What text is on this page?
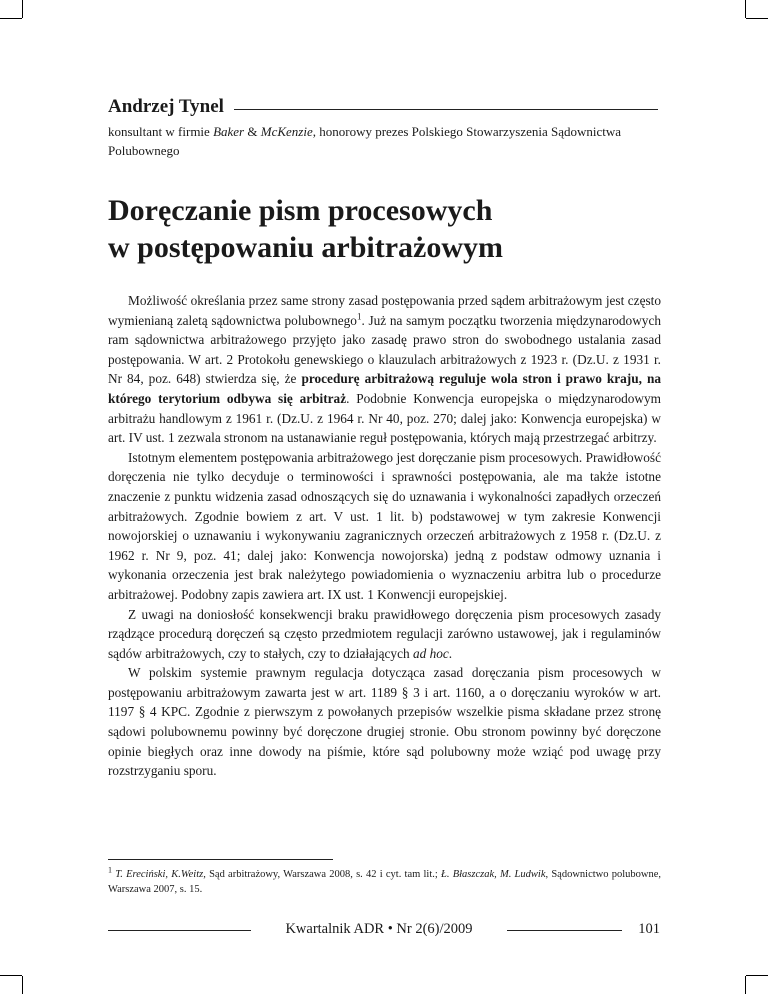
Andrzej Tynel
konsultant w firmie Baker & McKenzie, honorowy prezes Polskiego Stowarzyszenia Sądownictwa Polubownego
Doręczanie pism procesowych
w postępowaniu arbitrażowym

Możliwość określania przez same strony zasad postępowania przed sądem arbitrażowym jest często wymienianą zaletą sądownictwa polubownego$^1$. Już na samym początku tworzenia międzynarodowych ram sądownictwa arbitrażowego przyjęto jako zasadę prawo stron do swobodnego ustalania zasad postępowania. W art. 2 Protokołu genewskiego o klauzulach arbitrażowych z 1923 r. (Dz.U. z 1931 r. Nr 84, poz. 648) stwierdza się, że procedurę arbitrażową reguluje wola stron i prawo kraju, na którego terytorium odbywa się arbitraż. Podobnie Konwencja europejska o międzynarodowym arbitrażu handlowym z 1961 r. (Dz.U. z 1964 r. Nr 40, poz. 270; dalej jako: Konwencja europejska) w art. IV ust. 1 zezwala stronom na ustanawianie reguł postępowania, których mają przestrzegać arbitrzy.

Istotnym elementem postępowania arbitrażowego jest doręczanie pism procesowych. Prawidłowość doręczenia nie tylko decyduje o terminowości i sprawności postępowania, ale ma także istotne znaczenie z punktu widzenia zasad odnoszących się do uznawania i wykonalności zapadłych orzeczeń arbitrażowych. Zgodnie bowiem z art. V ust. 1 lit. b) podstawowej w tym zakresie Konwencji nowojorskiej o uznawaniu i wykonywaniu zagranicznych orzeczeń arbitrażowych z 1958 r. (Dz.U. z 1962 r. Nr 9, poz. 41; dalej jako: Konwencja nowojorska) jedną z podstaw odmowy uznania i wykonania orzeczenia jest brak należytego powiadomienia o wyznaczeniu arbitra lub o procedurze arbitrażowej. Podobny zapis zawiera art. IX ust. 1 Konwencji europejskiej.

Z uwagi na doniosłość konsekwencji braku prawidłowego doręczenia pism procesowych zasady rządzące procedurą doręczeń są często przedmiotem regulacji zarówno ustawowej, jak i regulaminów sądów arbitrażowych, czy to stałych, czy to działających ad hoc.

W polskim systemie prawnym regulacja dotycząca zasad doręczania pism procesowych w postępowaniu arbitrażowym zawarta jest w art. 1189 § 3 i art. 1160, a o doręczaniu wyroków w art. 1197 § 4 KPC. Zgodnie z pierwszym z powołanych przepisów wszelkie pisma składane przez stronę sądowi polubownemu powinny być doręczone drugiej stronie. Obu stronom powinny być doręczone opinie biegłych oraz inne dowody na piśmie, które sąd polubowny może wziąć pod uwagę przy rozstrzyganiu sporu.

$^1$ T. Ereciński, K.Weitz, Sąd arbitrażowy, Warszawa 2008, s. 42 i cyt. tam lit.; Ł. Błaszczak, M. Ludwik, Sądownictwo polubowne, Warszawa 2007, s. 15.
Kwartalnik ADR • Nr 2(6)/2009	101
